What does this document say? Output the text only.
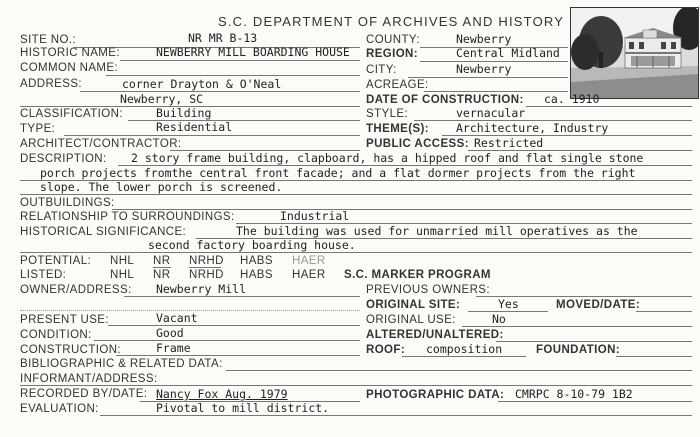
S.C. DEPARTMENT OF ARCHIVES AND HISTORY
SITE NO.:	NR MR B-13
HISTORIC NAME:	NEWBERRY MILL BOARDING HOUSE
COMMON NAME:
ADDRESS:	corner Drayton & O'Neal
Newberry, SC
CLASSIFICATION:	Building
TYPE:	Residential
ARCHITECT/CONTRACTOR:
DESCRIPTION: 2 story frame building, clapboard, has a hipped roof and flat single stone
porch projects fromthe central front facade; and a flat dormer projects from the right
slope. The lower porch is screened.
OUTBUILDINGS:
RELATIONSHIP TO SURROUNDINGS:	Industrial
HISTORICAL SIGNIFICANCE:	The building was used for unmarried mill operatives as the
second factory boarding house.
POTENTIAL: NHL NR NRHD HABS HAER
LISTED:	NHL NR NRHD HABS HAER
OWNER/ADDRESS: Newberry Mill
PRESENT USE:	Vacant
CONDITION:	Good
CONSTRUCTION:	Frame
BIBLIOGRAPHIC & RELATED DATA:
INFORMANT/ADDRESS:
RECORDED BY/DATE: Nancy Fox Aug. 1979
EVALUATION:	Pivotal to mill district.
COUNTY:	Newberry
REGION:	Central Midland
CITY:	Newberry
ACREAGE:
DATE OF CONSTRUCTION: ca. 1910
STYLE:	vernacular
THEME(S): Architecture, Industry
PUBLIC ACCESS: Restricted
S.C. MARKER PROGRAM
PREVIOUS OWNERS:
ORIGINAL SITE:	Yes	MOVED/DATE:
ORIGINAL USE:	No
ALTERED/UNALTERED:
ROOF: composition	FOUNDATION:
PHOTOGRAPHIC DATA: CMRPC 8-10-79 1B2
